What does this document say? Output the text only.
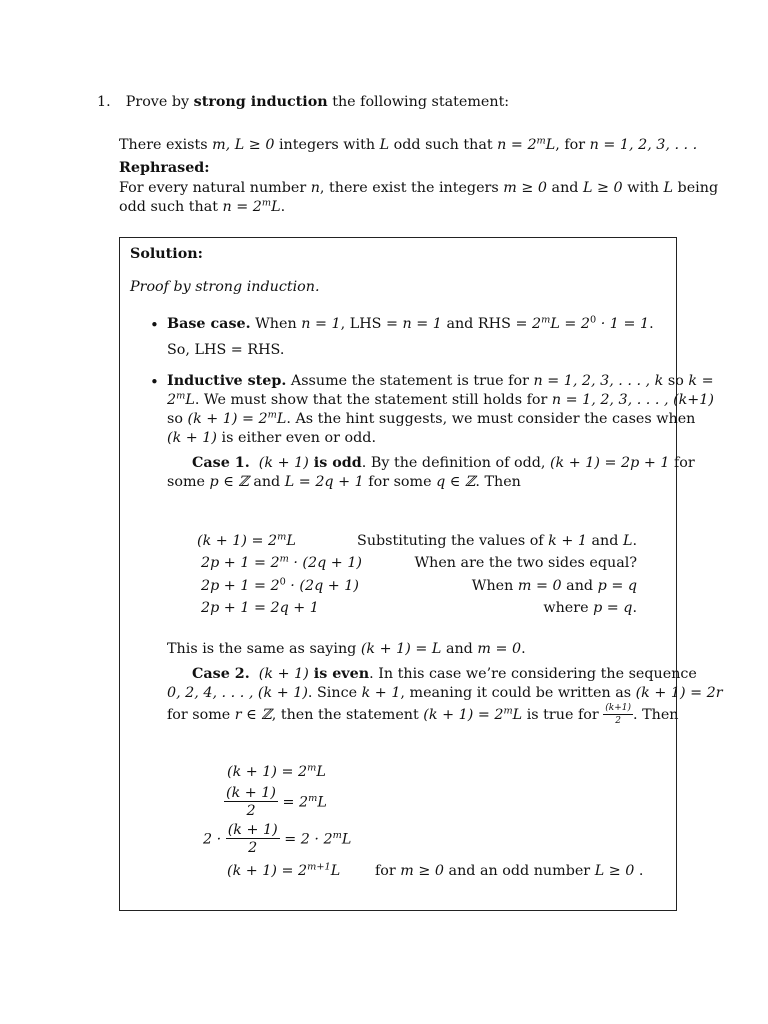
1. Prove by strong induction the following statement:
There exists m, L ≥ 0 integers with L odd such that $n = 2^mL$, for n = 1, 2, 3, . . .
Rephrased:
For every natural number n, there exist the integers m ≥ 0 and L ≥ 0 with L being
odd such that $n = 2^mL$.
Solution:
Proof by strong induction.
• Base case. When n = 1, LHS = n = 1 and RHS = $2^mL = 2^0 \cdot 1 = 1$.
So, LHS = RHS.
• Inductive step. Assume the statement is true for n = 1, 2, 3, . . . , k so k =
$2^mL$. We must show that the statement still holds for n = 1, 2, 3, . . . , (k+1)
so $(k + 1) = 2^mL$. As the hint suggests, we must consider the cases when
(k + 1) is either even or odd.
Case 1. (k + 1) is odd. By the definition of odd, (k + 1) = 2p + 1 for
some p ∈ ℤ and L = 2q + 1 for some q ∈ ℤ. Then
$(k + 1) = 2^mL$	Substituting the values of k + 1 and L.
$2p + 1 = 2^m \cdot (2q + 1)$	When are the two sides equal?
$2p + 1 = 2^0 \cdot (2q + 1)$	When m = 0 and p = q
2p + 1 = 2q + 1	where p = q.
This is the same as saying (k + 1) = L and m = 0.
Case 2. (k + 1) is even. In this case we’re considering the sequence
0, 2, 4, . . . , (k + 1). Since k + 1, meaning it could be written as (k + 1) = 2r
for some r ∈ ℤ, then the statement $(k + 1) = 2^mL$ is true for $\frac{(k+1)}{2}$ . Then
$(k + 1) = 2^mL$
$\frac{(k + 1)}{2} = 2^mL$
$2 \cdot \frac{(k + 1)}{2} = 2 \cdot 2^mL$
$(k + 1) = 2^{m+1}L$ for m ≥ 0 and an odd number L ≥ 0 .
